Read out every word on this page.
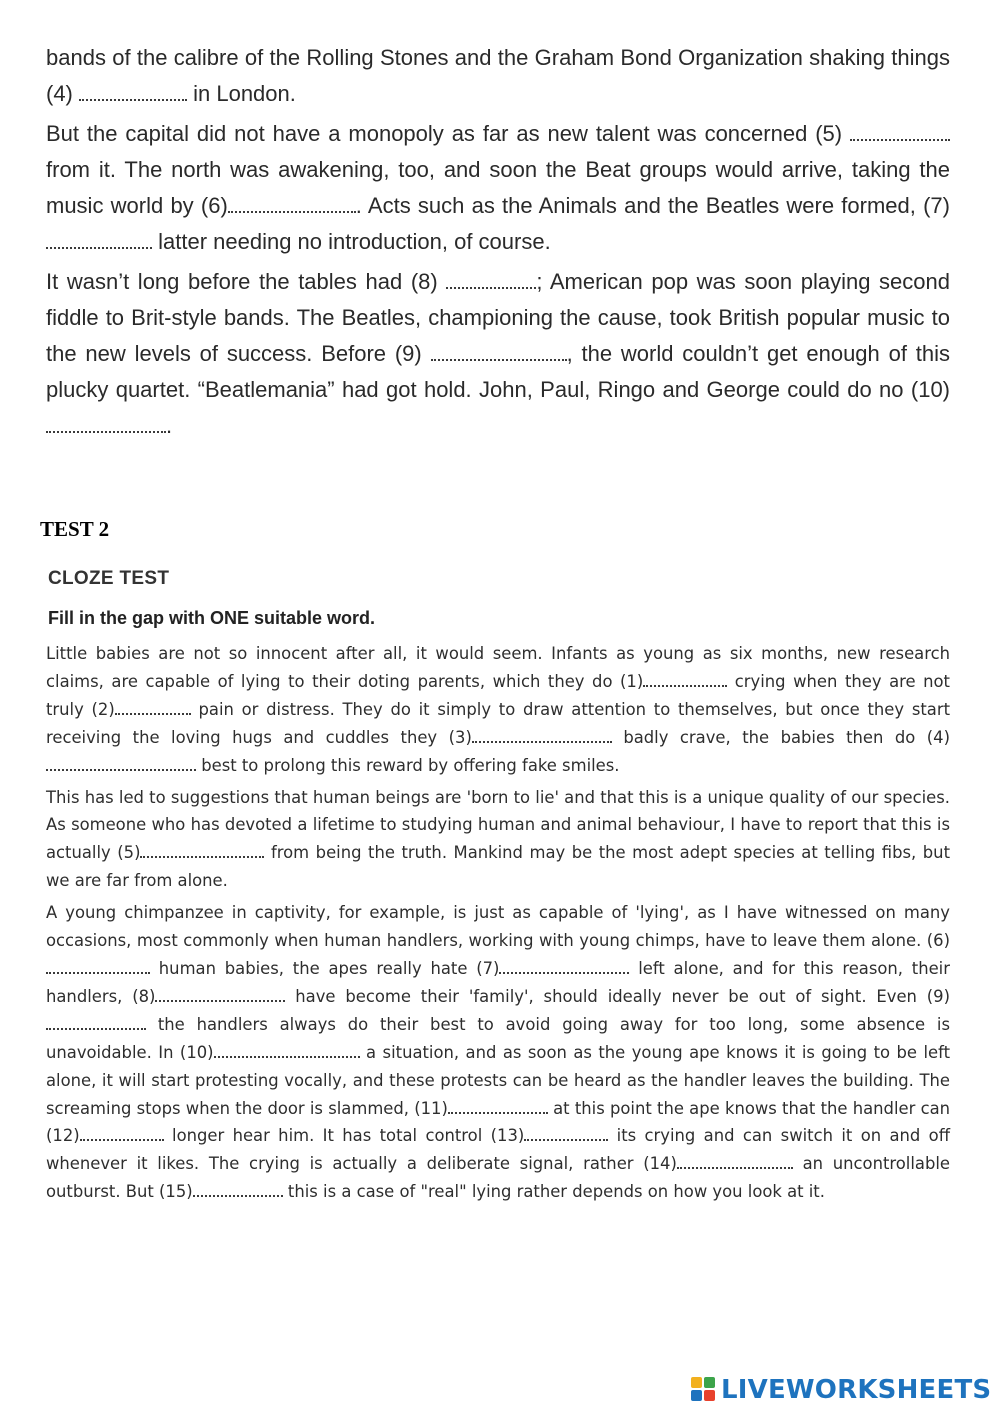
bands of the calibre of the Rolling Stones and the Graham Bond Organization shaking things (4)	in London.

But the capital did not have a monopoly as far as new talent was concerned (5)  from it. The north was awakening, too, and soon the Beat groups would arrive, taking the music world by (6)	. Acts such as the Animals and the Beatles were formed, (7)  latter needing no introduction, of course.

It wasn’t long before the tables had (8)	; American pop was soon playing second fiddle to Brit-style bands. The Beatles, championing the cause, took British popular music to the new levels of success. Before (9)	, the world couldn’t get enough of this plucky quartet. “Beatlemania” had got hold. John, Paul, Ringo and George could do no (10) .

TEST 2
CLOZE TEST

Fill in the gap with ONE suitable word.

Little babies are not so innocent after all, it would seem. Infants as young as six months, new research claims, are capable of lying to their doting parents, which they do (1)	crying when they are not truly (2)	pain or distress. They do it simply to draw attention to themselves, but once they start receiving the loving hugs and cuddles they (3)	badly crave, the babies then do (4) best to prolong this reward by offering fake smiles.

This has led to suggestions that human beings are 'born to lie' and that this is a unique quality of our species. As someone who has devoted a lifetime to studying human and animal behaviour, I have to report that this is actually (5)	from being the truth. Mankind may be the most adept species at telling fibs, but we are far from alone.

A young chimpanzee in captivity, for example, is just as capable of 'lying', as I have witnessed on many occasions, most commonly when human handlers, working with young chimps, have to leave them alone. (6) human babies, the apes really hate (7)	left alone, and for this reason, their handlers, (8)	have become their 'family', should ideally never be out of sight. Even (9) the handlers always do their best to avoid going away for too long, some absence is unavoidable. In (10)	a situation, and as soon as the young ape knows it is going to be left alone, it will start protesting vocally, and these protests can be heard as the handler leaves the building. The screaming stops when the door is slammed, (11)	at this point the ape knows that the handler can (12)	longer hear him. It has total control (13)	its crying and can switch it on and off whenever it likes. The crying is actually a deliberate signal, rather (14)	an uncontrollable outburst. But (15)	this is a case of "real" lying rather depends on how you look at it.

LIVEWORKSHEETS
